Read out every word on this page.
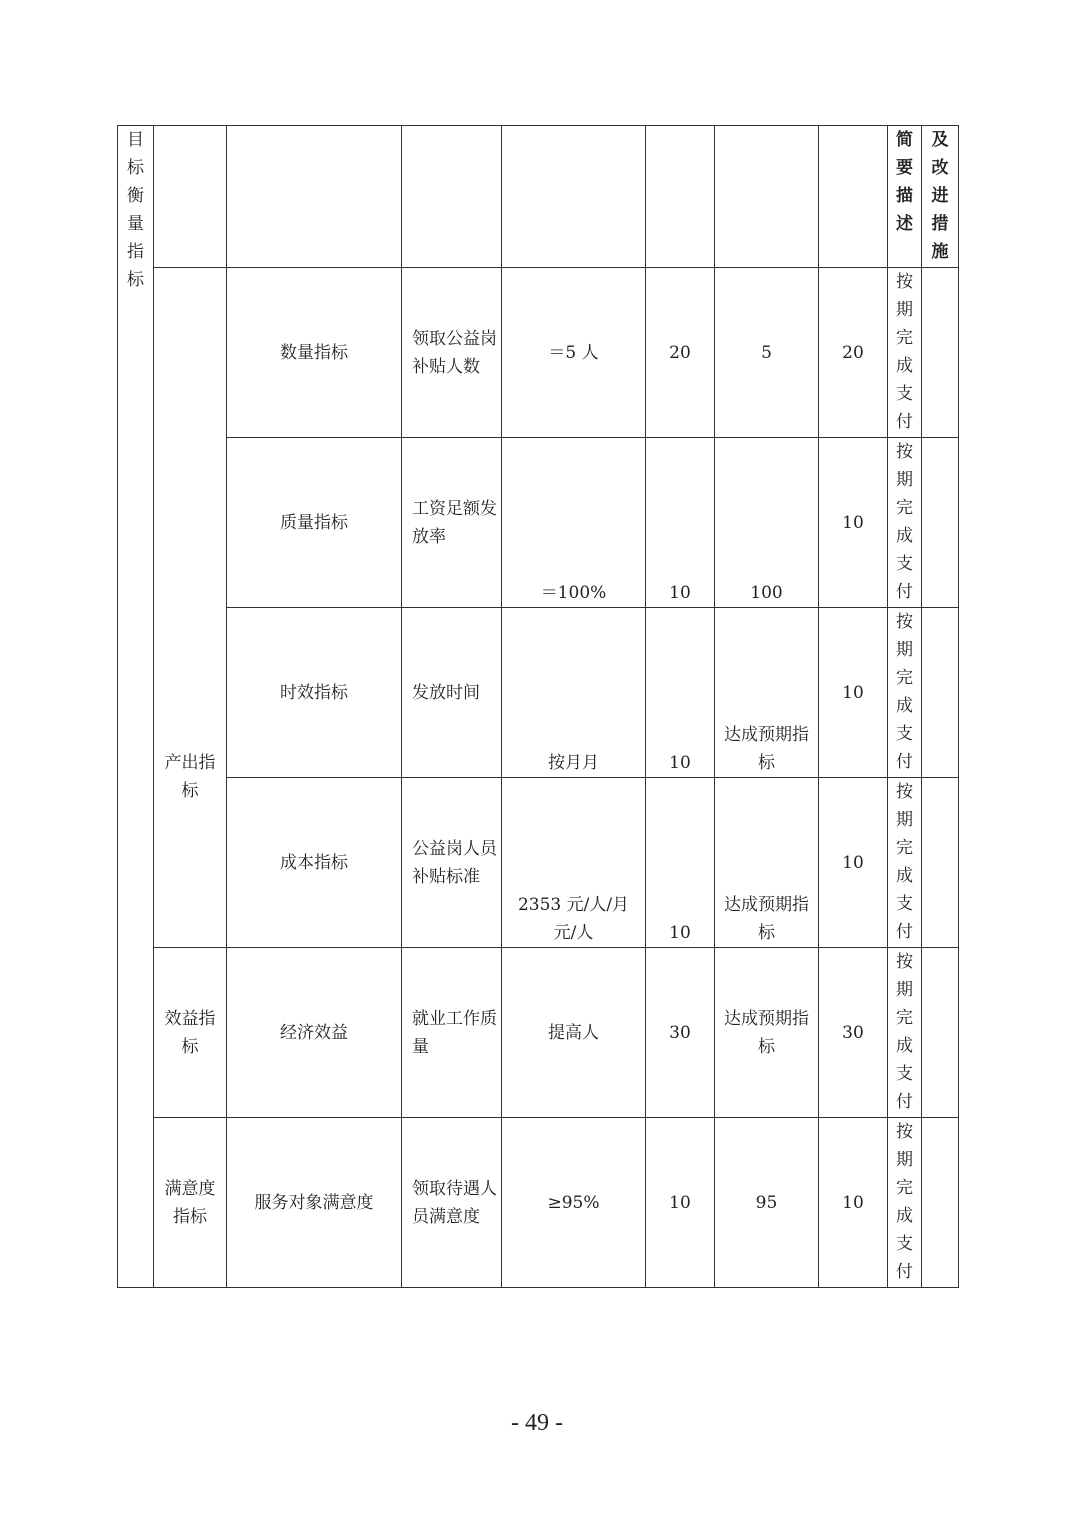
目标衡量指标								简要描述	及改进措施

	产出指标	数量指标	领取公益岗补贴人数	＝5 人	20	5	20	按期完成支付	

		质量指标	工资足额发放率	＝100%	10	100	10	按期完成支付	

		时效指标	发放时间	按月月	10	达成预期指标	10	按期完成支付	

		成本指标	公益岗人员补贴标准	2353 元/人/月元/人	10	达成预期指标	10	按期完成支付	

	效益指标	经济效益	就业工作质量	提高人	30	达成预期指标	30	按期完成支付	

	满意度指标	服务对象满意度	领取待遇人员满意度	≥95%	10	95	10	按期完成支付	

- 49 -
